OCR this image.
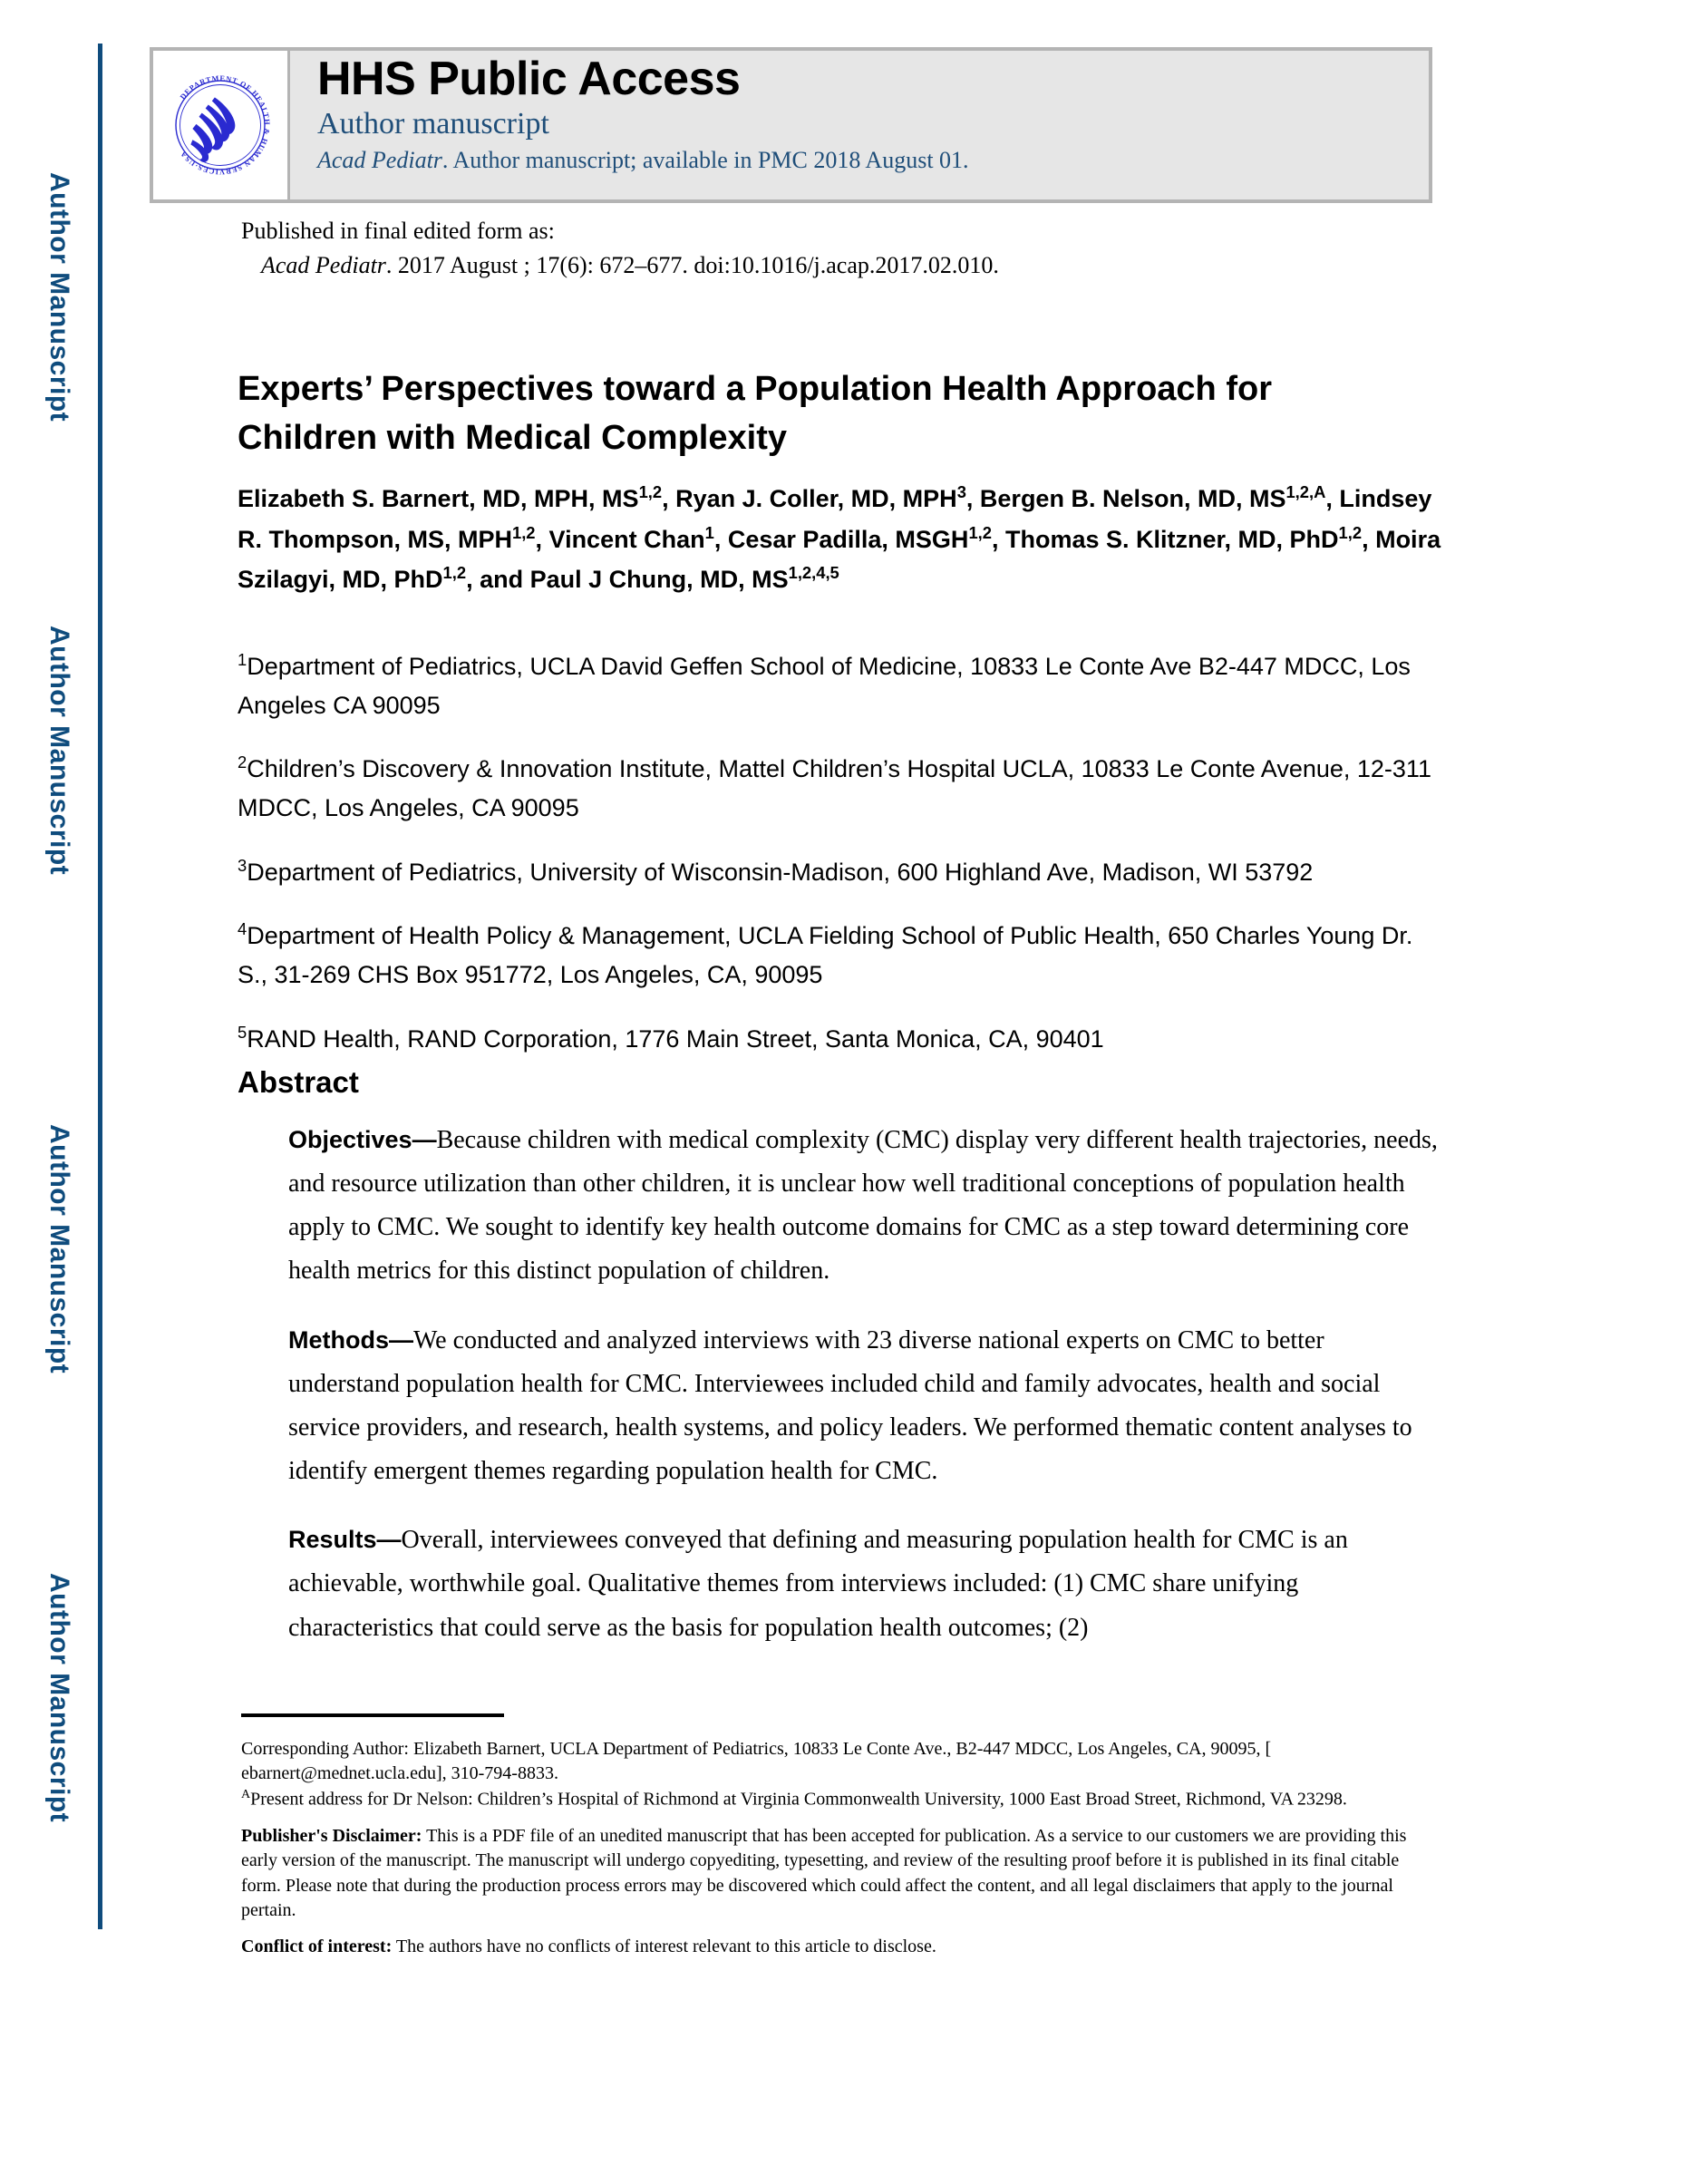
Author Manuscript
Author Manuscript
Author Manuscript
Author Manuscript
DEPARTMENT OF HEALTH & HUMAN SERVICES·USA
HHS Public Access
Author manuscript
Acad Pediatr. Author manuscript; available in PMC 2018 August 01.
Published in final edited form as:
Acad Pediatr. 2017 August ; 17(6): 672–677. doi:10.1016/j.acap.2017.02.010.
Experts’ Perspectives toward a Population Health Approach for Children with Medical Complexity
Elizabeth S. Barnert, MD, MPH, MS$^{1,2}$, Ryan J. Coller, MD, MPH$^3$, Bergen B. Nelson, MD, $MS^{1,2,A}$, Lindsey R. Thompson, MS, MPH$^{1,2}$, Vincent Chan$^1$, Cesar Padilla, MSGH$^{1,2}$, Thomas S. Klitzner, MD, PhD$^{1,2}$, Moira Szilagyi, MD, PhD$^{1,2}$, and Paul J Chung, MD, MS$^{1,2,4,5}$

$^1$Department of Pediatrics, UCLA David Geffen School of Medicine, 10833 Le Conte Ave B2-447 MDCC, Los Angeles CA 90095

$^2$Children’s Discovery & Innovation Institute, Mattel Children’s Hospital UCLA, 10833 Le Conte Avenue, 12-311 MDCC, Los Angeles, CA 90095

$^3$Department of Pediatrics, University of Wisconsin-Madison, 600 Highland Ave, Madison, WI 53792

$^4$Department of Health Policy & Management, UCLA Fielding School of Public Health, 650 Charles Young Dr. S., 31-269 CHS Box 951772, Los Angeles, CA, 90095

$^5$RAND Health, RAND Corporation, 1776 Main Street, Santa Monica, CA, 90401

Abstract

Objectives—Because children with medical complexity (CMC) display very different health trajectories, needs, and resource utilization than other children, it is unclear how well traditional conceptions of population health apply to CMC. We sought to identify key health outcome domains for CMC as a step toward determining core health metrics for this distinct population of children.

Methods—We conducted and analyzed interviews with 23 diverse national experts on CMC to better understand population health for CMC. Interviewees included child and family advocates, health and social service providers, and research, health systems, and policy leaders. We performed thematic content analyses to identify emergent themes regarding population health for CMC.

Results—Overall, interviewees conveyed that defining and measuring population health for CMC is an achievable, worthwhile goal. Qualitative themes from interviews included: (1) CMC share unifying characteristics that could serve as the basis for population health outcomes; (2)

Corresponding Author: Elizabeth Barnert, UCLA Department of Pediatrics, 10833 Le Conte Ave., B2-447 MDCC, Los Angeles, CA, 90095, [ ebarnert@mednet.ucla.edu], 310-794-8833.
$^A$Present address for Dr Nelson: Children’s Hospital of Richmond at Virginia Commonwealth University, 1000 East Broad Street, Richmond, VA 23298.
Publisher's Disclaimer: This is a PDF file of an unedited manuscript that has been accepted for publication. As a service to our customers we are providing this early version of the manuscript. The manuscript will undergo copyediting, typesetting, and review of the resulting proof before it is published in its final citable form. Please note that during the production process errors may be discovered which could affect the content, and all legal disclaimers that apply to the journal pertain.
Conflict of interest: The authors have no conflicts of interest relevant to this article to disclose.
